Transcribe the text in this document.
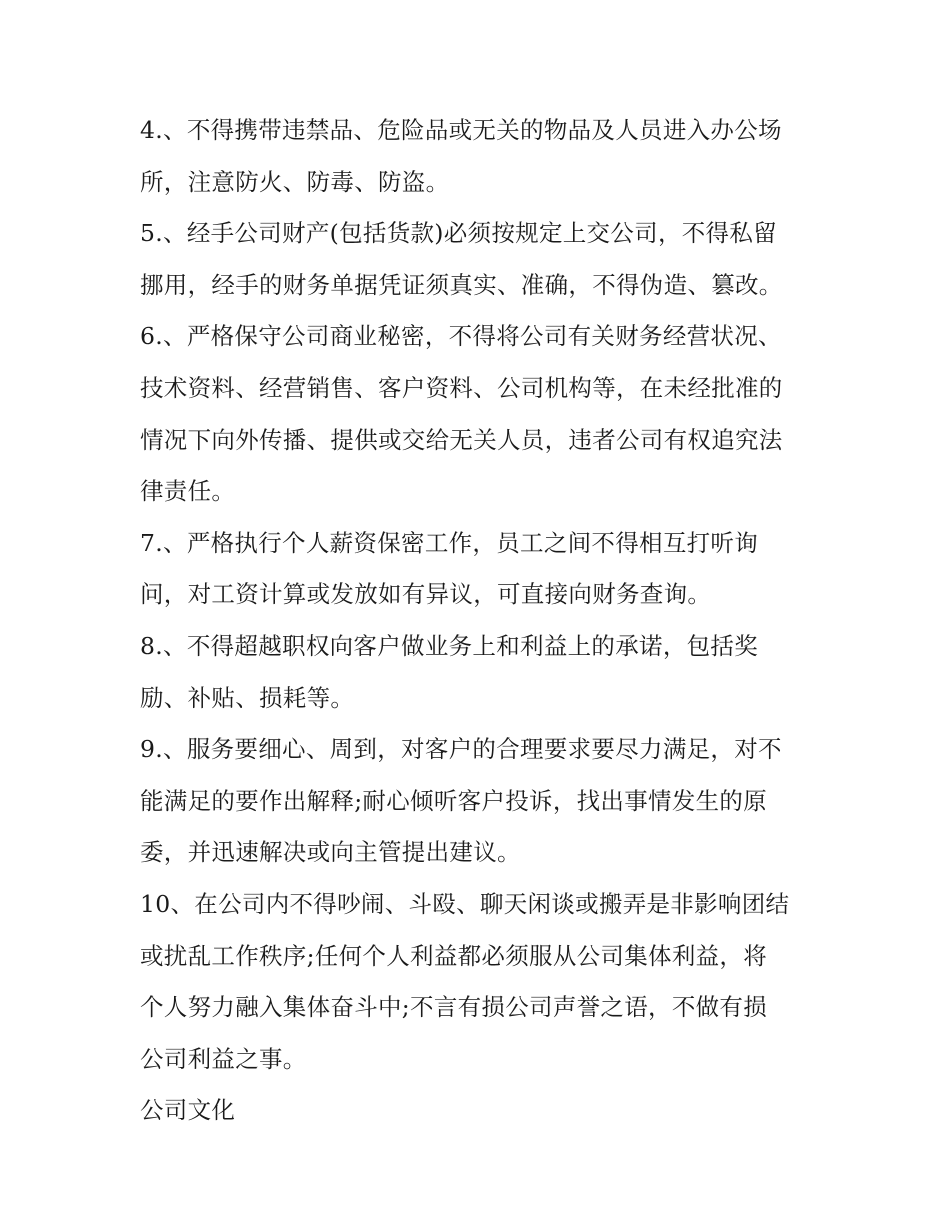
4.、不得携带违禁品、危险品或无关的物品及人员进入办公场
所，注意防火、防毒、防盗。

5.、经手公司财产(包括货款)必须按规定上交公司，不得私留
挪用，经手的财务单据凭证须真实、准确，不得伪造、篡改。

6.、严格保守公司商业秘密，不得将公司有关财务经营状况、
技术资料、经营销售、客户资料、公司机构等，在未经批准的
情况下向外传播、提供或交给无关人员，违者公司有权追究法
律责任。

7.、严格执行个人薪资保密工作，员工之间不得相互打听询
问，对工资计算或发放如有异议，可直接向财务查询。

8.、不得超越职权向客户做业务上和利益上的承诺，包括奖
励、补贴、损耗等。

9.、服务要细心、周到，对客户的合理要求要尽力满足，对不
能满足的要作出解释;耐心倾听客户投诉，找出事情发生的原
委，并迅速解决或向主管提出建议。

10、在公司内不得吵闹、斗殴、聊天闲谈或搬弄是非影响团结
或扰乱工作秩序;任何个人利益都必须服从公司集体利益，将
个人努力融入集体奋斗中;不言有损公司声誉之语，不做有损
公司利益之事。

公司文化
